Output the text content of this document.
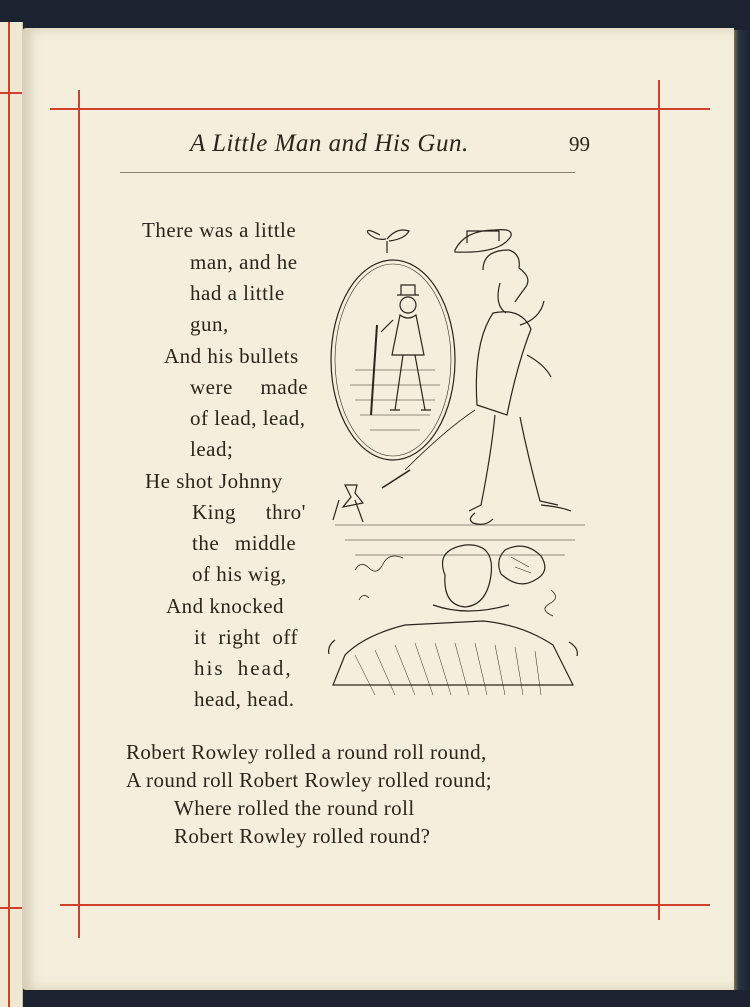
A Little Man and His Gun.	99
There was a little
man, and he
had a little
gun,
And his bullets
were made
of lead, lead,
lead;
He shot Johnny
King thro'
the middle
of his wig,
And knocked
it right off
his head,
head, head.
Robert Rowley rolled a round roll round,
A round roll Robert Rowley rolled round;
Where rolled the round roll
Robert Rowley rolled round?
